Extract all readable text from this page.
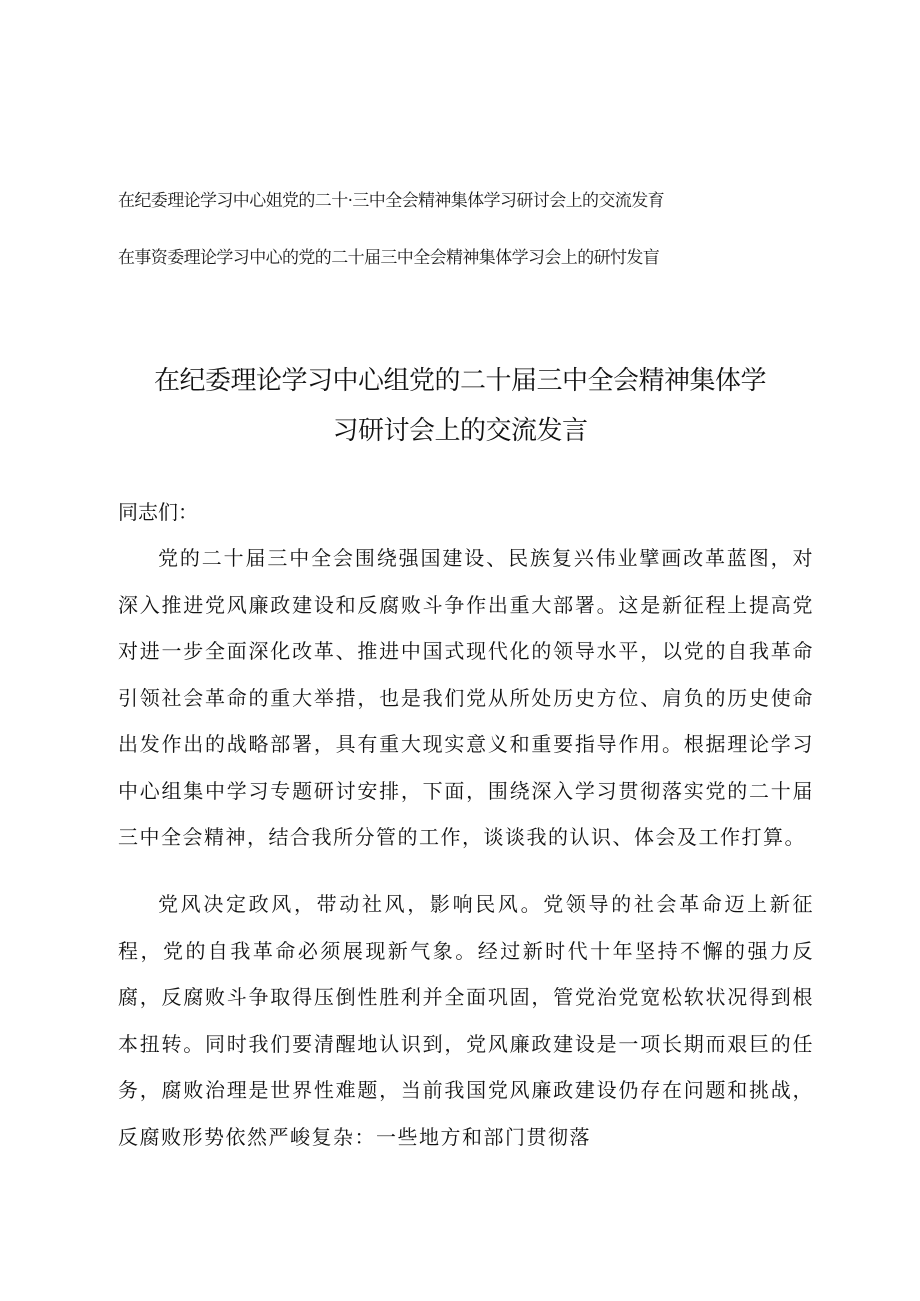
在纪委理论学习中心姐党的二十·三中全会精神集体学习研讨会上的交流发育
在事资委理论学习中心的党的二十届三中全会精神集体学习会上的研忖发盲
在纪委理论学习中心组党的二十届三中全会精神集体学
习研讨会上的交流发言
同志们：

党的二十届三中全会围绕强国建设、民族复兴伟业擘画改革蓝图，对深入推进党风廉政建设和反腐败斗争作出重大部署。这是新征程上提高党对进一步全面深化改革、推进中国式现代化的领导水平，以党的自我革命引领社会革命的重大举措，也是我们党从所处历史方位、肩负的历史使命出发作出的战略部署，具有重大现实意义和重要指导作用。根据理论学习中心组集中学习专题研讨安排，下面，围绕深入学习贯彻落实党的二十届三中全会精神，结合我所分管的工作，谈谈我的认识、体会及工作打算。

党风决定政风，带动社风，影响民风。党领导的社会革命迈上新征程，党的自我革命必须展现新气象。经过新时代十年坚持不懈的强力反腐，反腐败斗争取得压倒性胜利并全面巩固，管党治党宽松软状况得到根本扭转。同时我们要清醒地认识到，党风廉政建设是一项长期而艰巨的任务，腐败治理是世界性难题，当前我国党风廉政建设仍存在问题和挑战，反腐败形势依然严峻复杂：一些地方和部门贯彻落
